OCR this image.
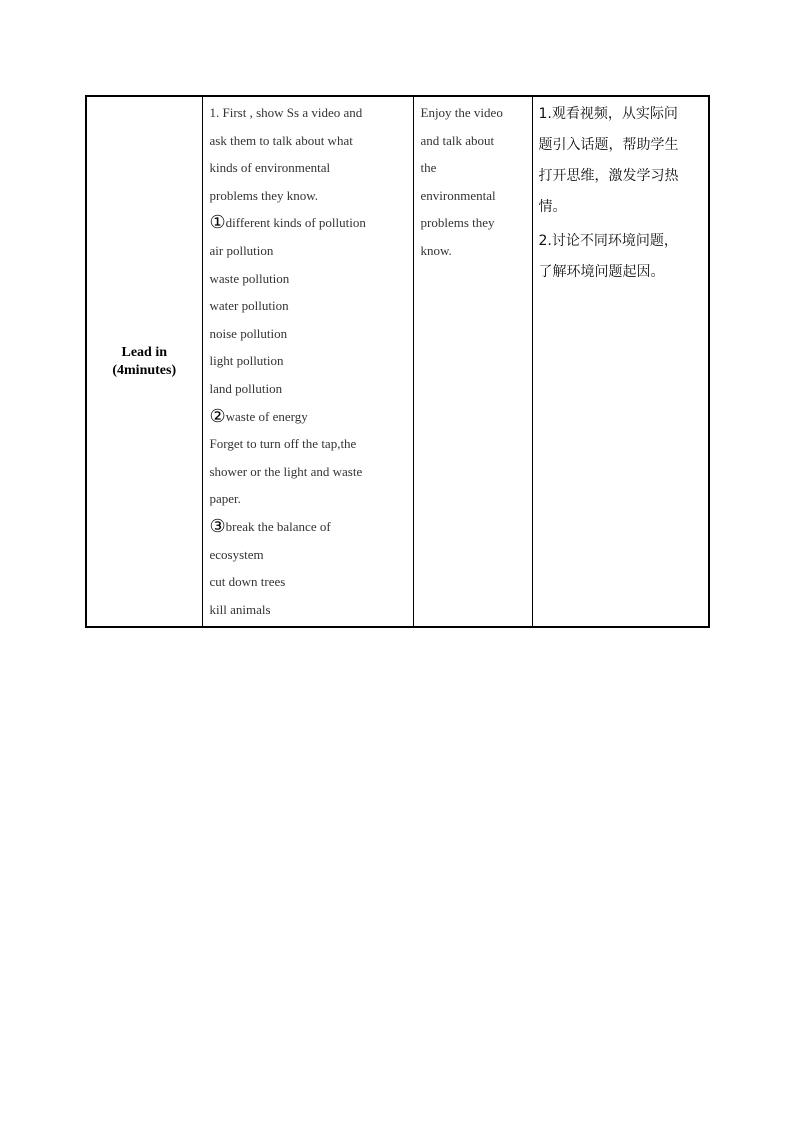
Lead in
(4minutes)

1. First , show Ss a video and
ask them to talk about what
kinds of environmental
problems they know.
①different kinds of pollution
air pollution
waste pollution
water pollution
noise pollution
light pollution
land pollution
②waste of energy
Forget to turn off the tap,the
shower or the light and waste
paper.
③break the balance of
ecosystem
cut down trees
kill animals

Enjoy the video
and talk about
the
environmental
problems they
know.

1.观看视频，从实际问
题引入话题，帮助学生
打开思维，激发学习热
情。
2.讨论不同环境问题，
了解环境问题起因。
